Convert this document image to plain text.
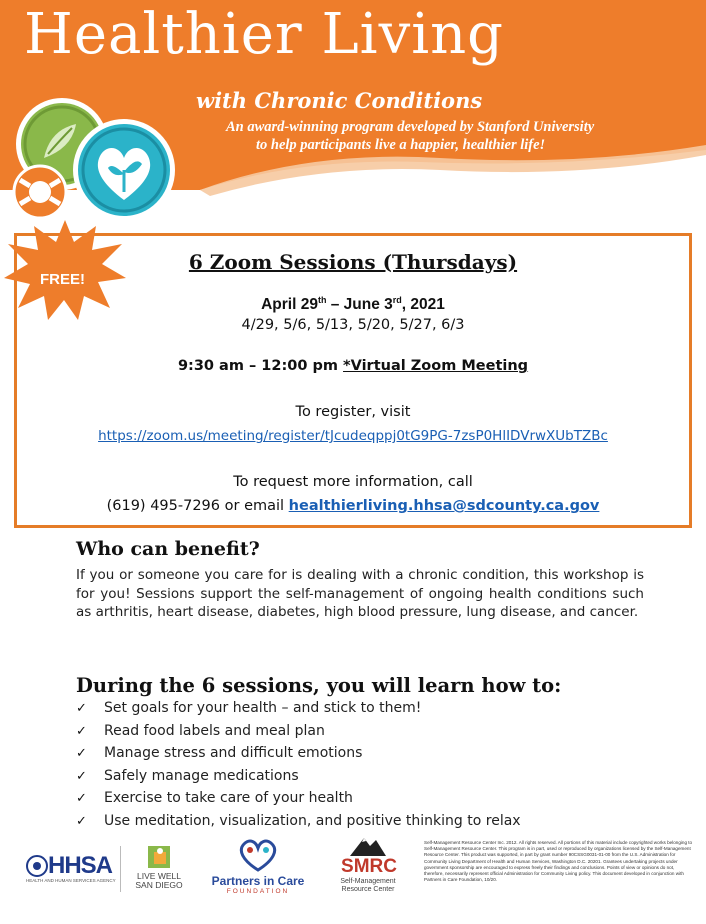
Healthier Living
with Chronic Conditions
An award-winning program developed by Stanford University
to help participants live a happier, healthier life!
FREE!
6 Zoom Sessions (Thursdays)
April 29th – June 3rd, 2021
4/29, 5/6, 5/13, 5/20, 5/27, 6/3
9:30 am – 12:00 pm *Virtual Zoom Meeting
To register, visit
https://zoom.us/meeting/register/tJcudeqppj0tG9PG-7zsP0HlIDVrwXUbTZBc
To request more information, call
(619) 495-7296 or email healthierliving.hhsa@sdcounty.ca.gov
Who can benefit?
If you or someone you care for is dealing with a chronic condition, this workshop is for you! Sessions support the self-management of ongoing health conditions such as arthritis, heart disease, diabetes, high blood pressure, lung disease, and cancer.
During the 6 sessions, you will learn how to:
✓	Set goals for your health – and stick to them!
✓	Read food labels and meal plan
✓	Manage stress and difficult emotions
✓	Safely manage medications
✓	Exercise to take care of your health
✓	Use meditation, visualization, and positive thinking to relax
HHSA
HEALTH AND HUMAN SERVICES AGENCY	LIVE WELL SAN DIEGO	Partners in Care
FOUNDATION
SMRC
Self-Management Resource Center
Self-Management Resource Center Inc. 2012. All rights reserved. All portions of this material include copyrighted works belonging to Self-Management Resource Center. This program is in part, used or reproduced by organizations licensed by the Self-Management Resource Center. This product was supported, in part by grant number 90CSSG0031-01-00 from the U.S. Administration for Community Living Department of Health and Human Services, Washington D.C. 20201. Grantees undertaking projects under government sponsorship are encouraged to express freely their findings and conclusions. Points of view or opinions do not, therefore, necessarily represent official Administration for Community Living policy. This document developed in conjunction with Partners in Care Foundation, 10/20.
